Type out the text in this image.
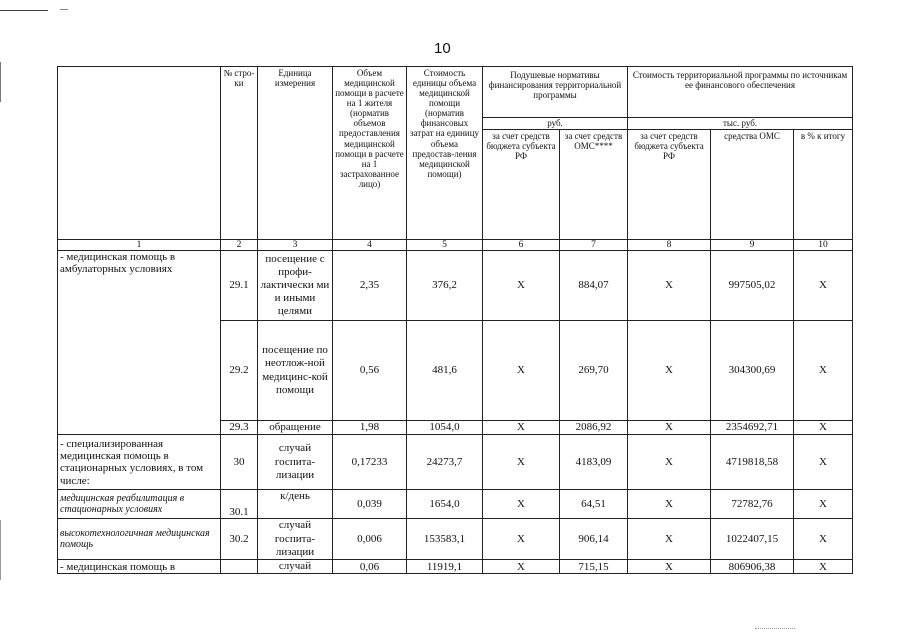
10
	№ стро-ки	Единица измерения	Объем медицинской помощи в расчете на 1 жителя (норматив объемов предоставления медицинской помощи в расчете на 1 застрахованное лицо)	Стоимость единицы объема медицинской помощи (норматив финансовых затрат на единицу объема предостав-ления медицинской помощи)	Подушевые нормативы финансирования территориальной программы		Стоимость территориальной программы по источникам ее финансового обеспечения		
					руб.		тыс. руб.		
					за счет средств бюджета субъекта РФ	за счет средств ОМС****	за счет средств бюджета субъекта РФ	средства ОМС	в % к итогу
1	2	3	4	5	6	7	8	9	10
- медицинская помощь в амбулаторных условиях	29.1	посещение с профи-лактически ми и иными целями	2,35	376,2	X	884,07	X	997505,02	X
	29.2	посещение по неотлож-ной медицинс-кой помощи	0,56	481,6	X	269,70	X	304300,69	X
	29.3	обращение	1,98	1054,0	X	2086,92	X	2354692,71	X
- специализированная медицинская помощь в стационарных условиях, в том числе:	30	случай госпита-лизации	0,17233	24273,7	X	4183,09	X	4719818,58	X
медицинская реабилитация в стационарных условиях	30.1	к/день	0,039	1654,0	X	64,51	X	72782,76	X
высокотехнологичная медицинская помощь	30.2	случай госпита-лизации	0,006	153583,1	X	906,14	X	1022407,15	X
- медицинская помощь в		случай	0,06	11919,1	X	715,15	X	806906,38	X
